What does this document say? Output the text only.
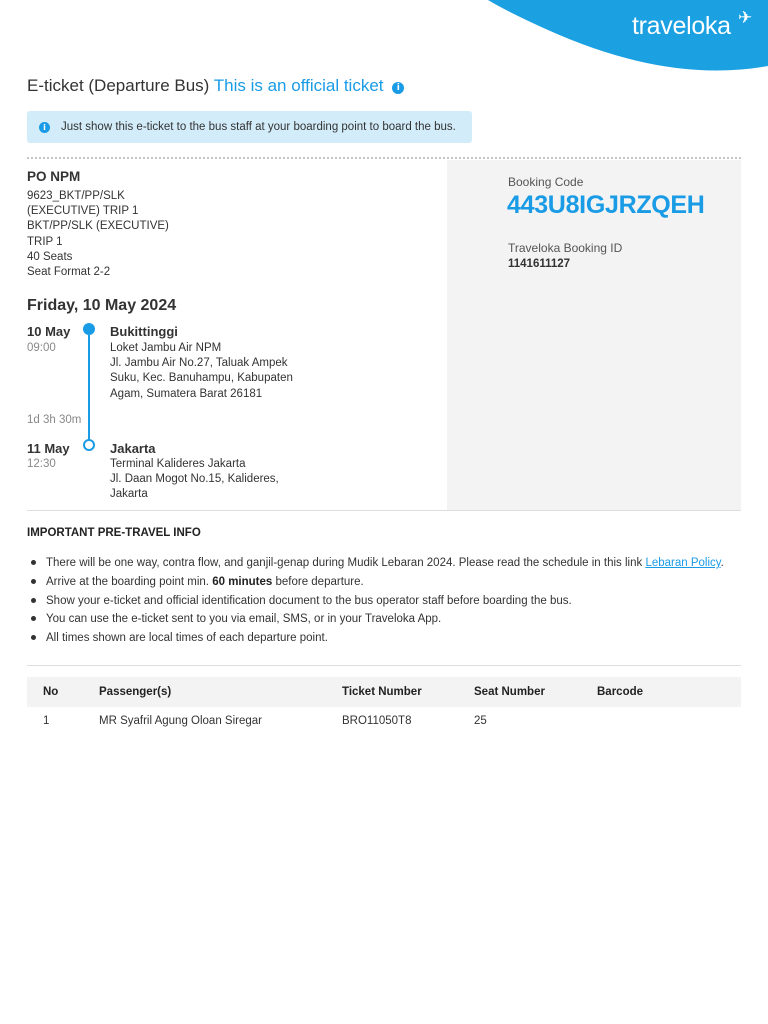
traveloka ✈
E-ticket (Departure Bus) This is an official ticket i
i	Just show this e-ticket to the bus staff at your boarding point to board the bus.
Booking Code
443U8IGJRZQEH
Traveloka Booking ID
1141611127
PO NPM
9623_BKT/PP/SLK
(EXECUTIVE) TRIP 1
BKT/PP/SLK (EXECUTIVE)
TRIP 1
40 Seats
Seat Format 2-2
Friday, 10 May 2024
10 May
09:00
Bukittinggi
Loket Jambu Air NPM
Jl. Jambu Air No.27, Taluak Ampek
Suku, Kec. Banuhampu, Kabupaten
Agam, Sumatera Barat 26181
1d 3h 30m
11 May
12:30
Jakarta
Terminal Kalideres Jakarta
Jl. Daan Mogot No.15, Kalideres,
Jakarta
IMPORTANT PRE-TRAVEL INFO
There will be one way, contra flow, and ganjil-genap during Mudik Lebaran 2024. Please read the schedule in this link Lebaran Policy.
Arrive at the boarding point min. 60 minutes before departure.
Show your e-ticket and official identification document to the bus operator staff before boarding the bus.
You can use the e-ticket sent to you via email, SMS, or in your Traveloka App.
All times shown are local times of each departure point.
No	Passenger(s)	Ticket Number	Seat Number	Barcode
1	MR Syafril Agung Oloan Siregar	BRO11050T8	25
